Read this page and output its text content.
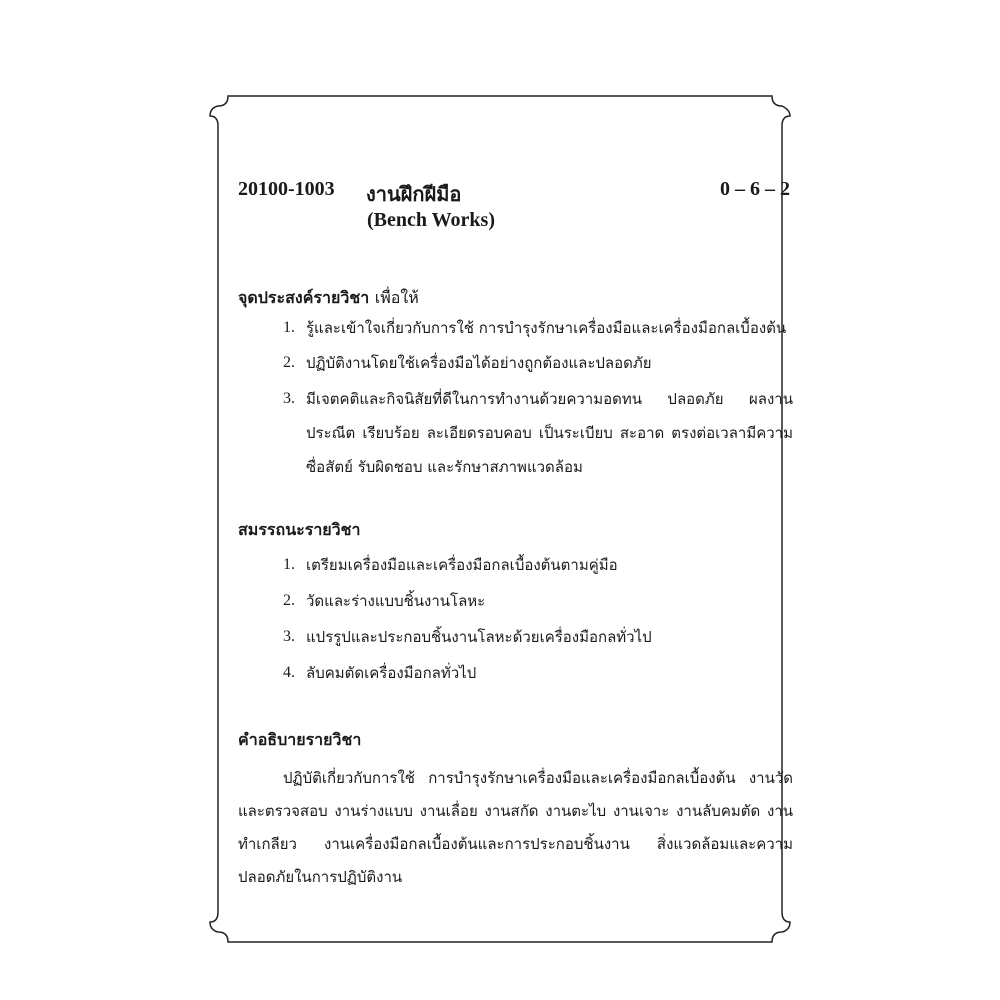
20100-1003 งานฝึกฝีมือ
(Bench Works)
0 – 6 – 2
จุดประสงค์รายวิชา เพื่อให้
1. รู้และเข้าใจเกี่ยวกับการใช้ การบำรุงรักษาเครื่องมือและเครื่องมือกลเบื้องต้น
2. ปฏิบัติงานโดยใช้เครื่องมือได้อย่างถูกต้องและปลอดภัย
3. มีเจตคติและกิจนิสัยที่ดีในการทำงานด้วยความอดทน ปลอดภัย ผลงานประณีต เรียบร้อย ละเอียดรอบคอบ เป็นระเบียบ สะอาด ตรงต่อเวลามีความซื่อสัตย์ รับผิดชอบ และรักษาสภาพแวดล้อม
สมรรถนะรายวิชา
1. เตรียมเครื่องมือและเครื่องมือกลเบื้องต้นตามคู่มือ
2. วัดและร่างแบบชิ้นงานโลหะ
3. แปรรูปและประกอบชิ้นงานโลหะด้วยเครื่องมือกลทั่วไป
4. ลับคมตัดเครื่องมือกลทั่วไป
คำอธิบายรายวิชา
ปฏิบัติเกี่ยวกับการใช้ การบำรุงรักษาเครื่องมือและเครื่องมือกลเบื้องต้น งานวัดและตรวจสอบ งานร่างแบบ งานเลื่อย งานสกัด งานตะไบ งานเจาะ งานลับคมตัด งานทำเกลียว งานเครื่องมือกลเบื้องต้นและการประกอบชิ้นงาน สิ่งแวดล้อมและความปลอดภัยในการปฏิบัติงาน
